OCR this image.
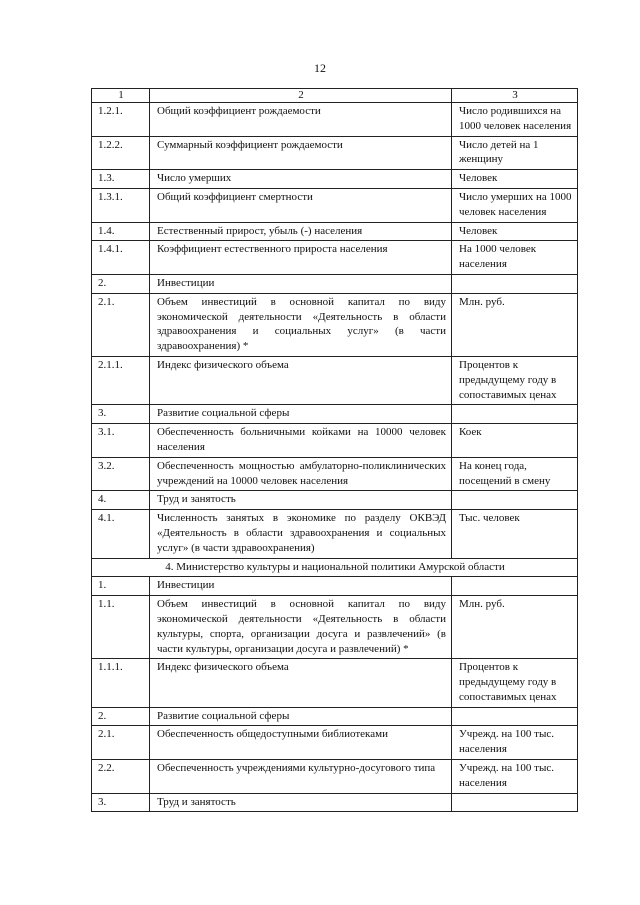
12
1	2	3
1.2.1.	Общий коэффициент рождаемости	Число родившихся на 1000 человек населения
1.2.2.	Суммарный коэффициент рождаемости	Число детей на 1 женщину
1.3.	Число умерших	Человек
1.3.1.	Общий коэффициент смертности	Число умерших на 1000 человек населения
1.4.	Естественный прирост, убыль (-) населения	Человек
1.4.1.	Коэффициент естественного прироста населения	На 1000 человек населения
2.	Инвестиции	
2.1.	Объем инвестиций в основной капитал по виду экономической деятельности «Деятельность в области здравоохранения и социальных услуг» (в части здравоохранения) *	Млн. руб.
2.1.1.	Индекс физического объема	Процентов к предыдущему году в сопоставимых ценах
3.	Развитие социальной сферы	
3.1.	Обеспеченность больничными койками на 10000 человек населения	Коек
3.2.	Обеспеченность мощностью амбулаторно-поликлинических учреждений на 10000 человек населения	На конец года, посещений в смену
4.	Труд и занятость	
4.1.	Численность занятых в экономике по разделу ОКВЭД «Деятельность в области здравоохранения и социальных услуг» (в части здравоохранения)	Тыс. человек
4. Министерство культуры и национальной политики Амурской области		
1.	Инвестиции	
1.1.	Объем инвестиций в основной капитал по виду экономической деятельности «Деятельность в области культуры, спорта, организации досуга и развлечений» (в части культуры, организации досуга и развлечений) *	Млн. руб.
1.1.1.	Индекс физического объема	Процентов к предыдущему году в сопоставимых ценах
2.	Развитие социальной сферы	
2.1.	Обеспеченность общедоступными библиотеками	Учрежд. на 100 тыс. населения
2.2.	Обеспеченность учреждениями культурно-досугового типа	Учрежд. на 100 тыс. населения
3.	Труд и занятость	
